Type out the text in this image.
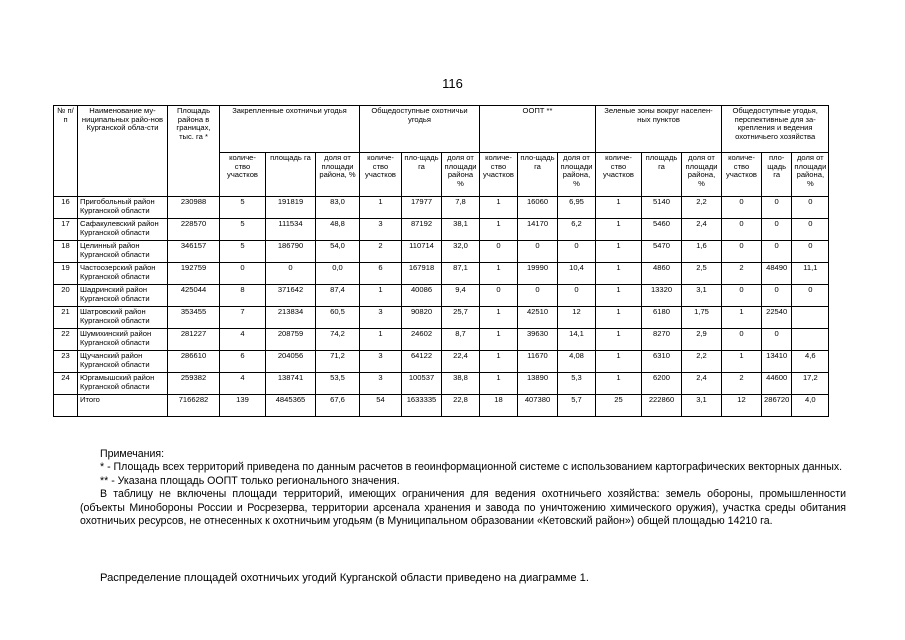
116
№ п/п	Наименование му-ниципальных райо-нов Курганской обла-сти	Площадь района в границах, тыс. га *	Закрепленные охотничьи угодья			Общедоступные охотничьи угодья			ООПТ **			Зеленые зоны вокруг населен-ных пунктов			Общедоступные угодья, перспективные для за-крепления и ведения охотничьего хозяйства		
			количе-ство участков	площадь га	доля от площади района, %	количе-ство участков	пло-щадь га	доля от площади района %	количе-ство участков	пло-щадь га	доля от площади района, %	количе-ство участков	площадь га	доля от площади района, %	количе-ство участков	пло-щадь га	доля от площади района, %
16	Пригобольный район Курганской области	230988	5	191819	83,0	1	17977	7,8	1	16060	6,95	1	5140	2,2	0	0	0
17	Сафакулевский район Курганской области	228570	5	111534	48,8	3	87192	38,1	1	14170	6,2	1	5460	2,4	0	0	0
18	Целинный район Курганской области	346157	5	186790	54,0	2	110714	32,0	0	0	0	1	5470	1,6	0	0	0
19	Частоозерский район Курганской области	192759	0	0	0,0	6	167918	87,1	1	19990	10,4	1	4860	2,5	2	48490	11,1
20	Шадринский район Курганской области	425044	8	371642	87,4	1	40086	9,4	0	0	0	1	13320	3,1	0	0	0
21	Шатровский район Курганской области	353455	7	213834	60,5	3	90820	25,7	1	42510	12	1	6180	1,75	1	22540	
22	Шумихинский район Курганской области	281227	4	208759	74,2	1	24602	8,7	1	39630	14,1	1	8270	2,9	0	0	
23	Щучанский район Курганской области	286610	6	204056	71,2	3	64122	22,4	1	11670	4,08	1	6310	2,2	1	13410	4,6
24	Юргамышский район Курганской области	259382	4	138741	53,5	3	100537	38,8	1	13890	5,3	1	6200	2,4	2	44600	17,2
	Итого	7166282	139	4845365	67,6	54	1633335	22,8	18	407380	5,7	25	222860	3,1	12	286720	4,0

Примечания:

* - Площадь всех территорий приведена по данным расчетов в геоинформационной системе с использованием картографических векторных данных.

** - Указана площадь ООПТ только регионального значения.

В таблицу не включены площади территорий, имеющих ограничения для ведения охотничьего хозяйства: земель обороны, промышленности (объекты Минобороны России и Росрезерва, территории арсенала хранения и завода по уничтожению химического оружия), участка среды обитания охотничьих ресурсов, не отнесенных к охотничьим угодьям (в Муниципальном образовании «Кетовский район») общей площадью 14210 га.

Распределение площадей охотничьих угодий Курганской области приведено на диаграмме 1.
